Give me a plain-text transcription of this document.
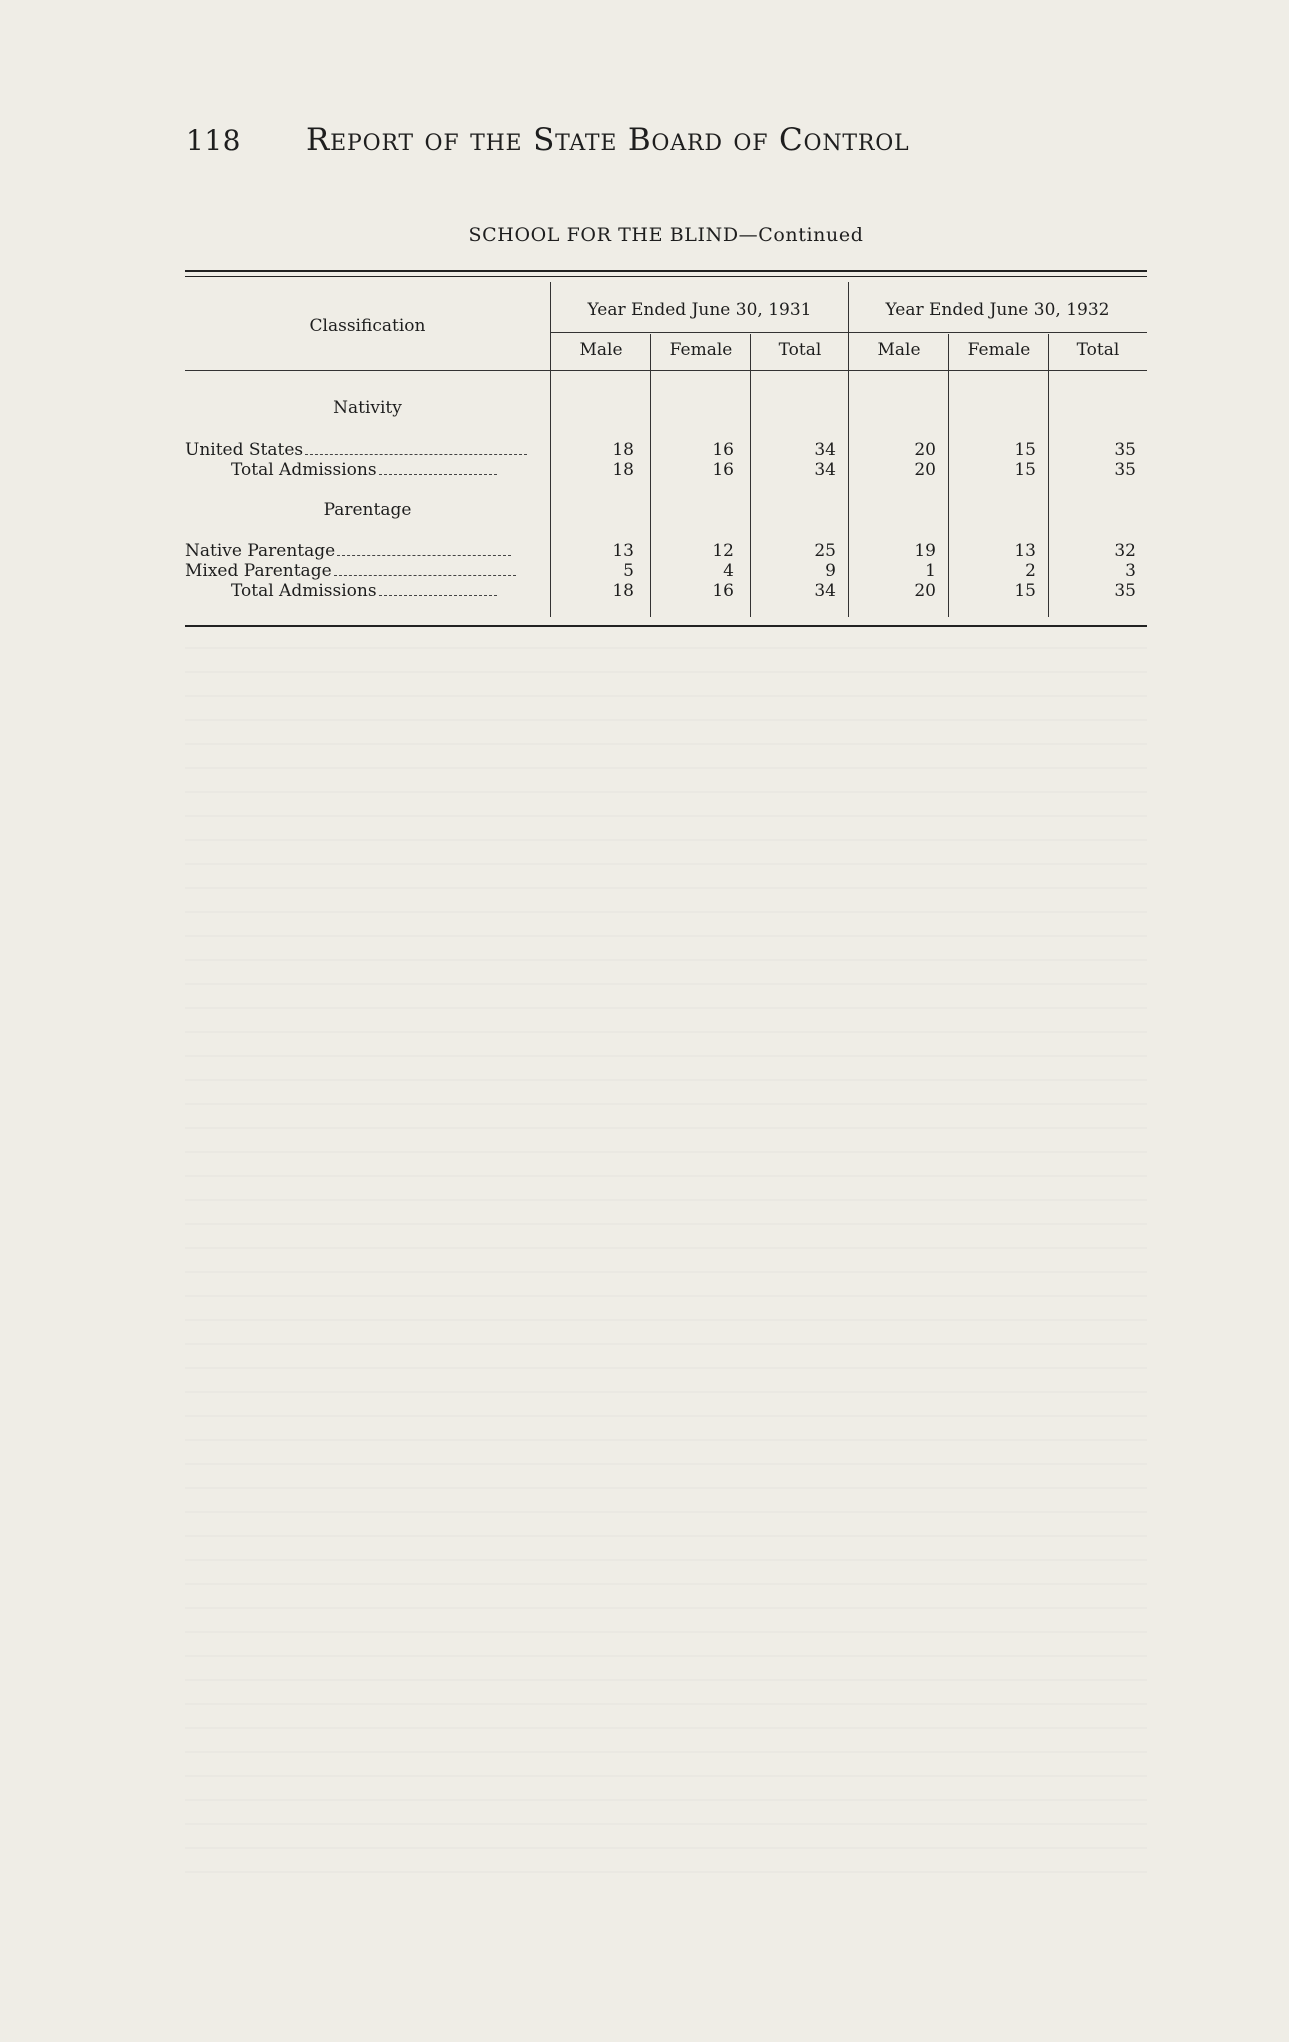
118 Report of the State Board of Control
SCHOOL FOR THE BLIND—Continued
Classification
Year Ended June 30, 1931	Year Ended June 30, 1932
Male	Female	Total	Male	Female	Total
Nativity
United States	18	16	34	20	15	35
Total Admissions	18	16	34	20	15	35
Parentage
Native Parentage	13	12	25	19	13	32
Mixed Parentage	5	4	9	1	2	3
Total Admissions	18	16	34	20	15	35
